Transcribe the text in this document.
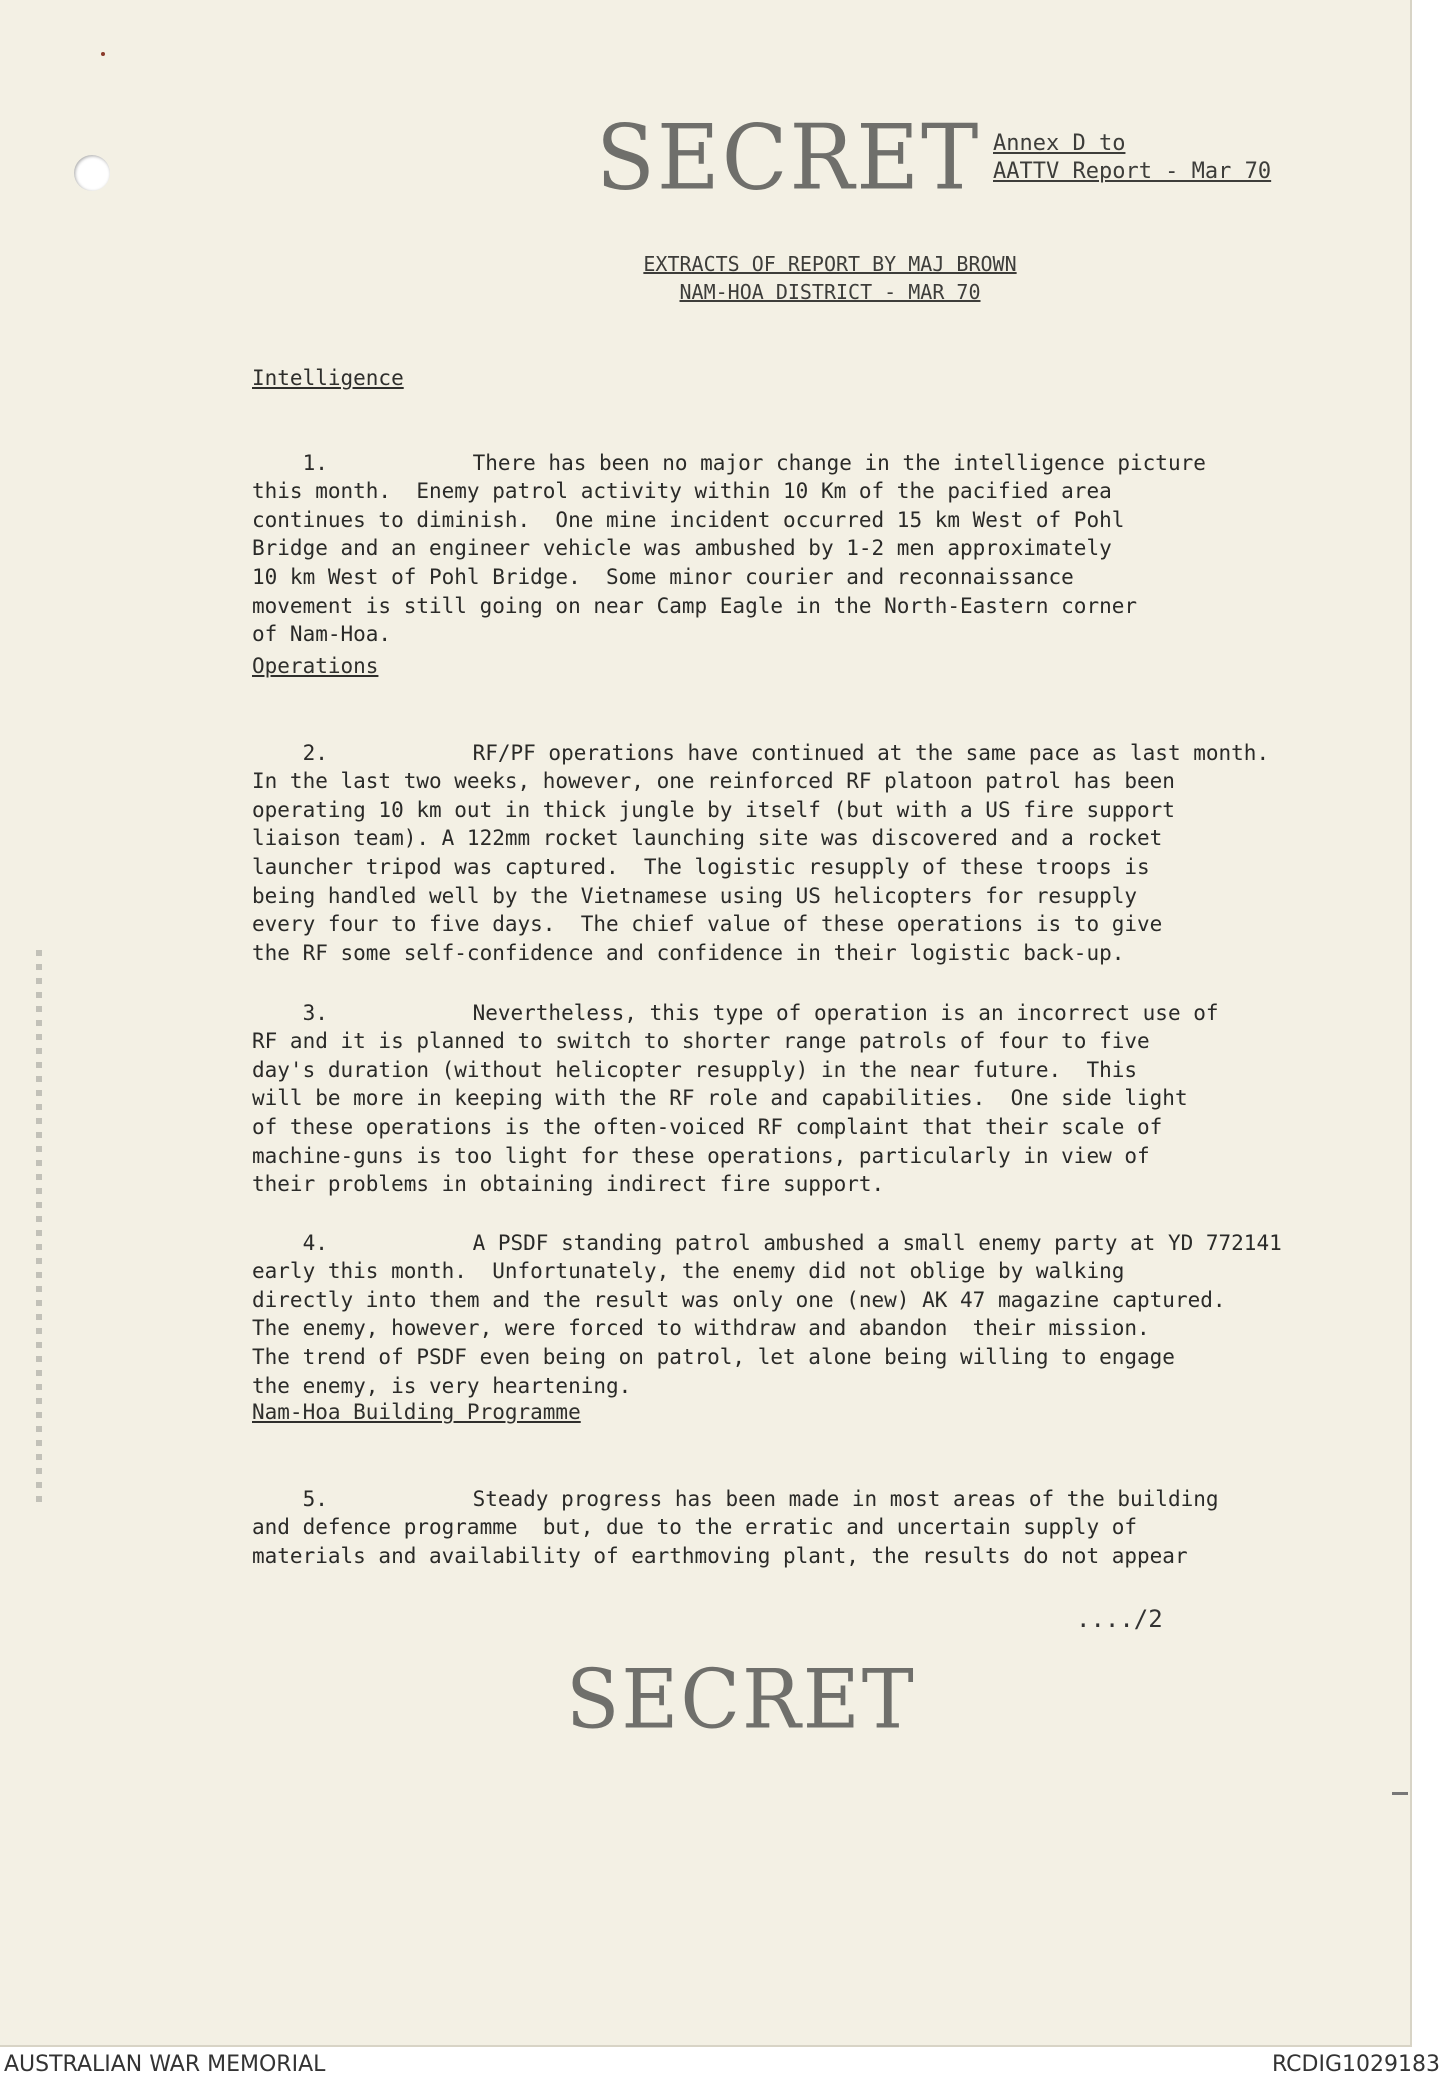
SECRET Annex D to
AATTV Report - Mar 70
EXTRACTS OF REPORT BY MAJ BROWN
NAM-HOA DISTRICT - MAR 70
Intelligence

1.	There has been no major change in the intelligence picture
this month.  Enemy patrol activity within 10 Km of the pacified area
continues to diminish.  One mine incident occurred 15 km West of Pohl
Bridge and an engineer vehicle was ambushed by 1-2 men approximately
10 km West of Pohl Bridge.  Some minor courier and reconnaissance
movement is still going on near Camp Eagle in the North-Eastern corner
of Nam-Hoa.
Operations

2.	RF/PF operations have continued at the same pace as last month.
In the last two weeks, however, one reinforced RF platoon patrol has been
operating 10 km out in thick jungle by itself (but with a US fire support
liaison team). A 122mm rocket launching site was discovered and a rocket
launcher tripod was captured.  The logistic resupply of these troops is
being handled well by the Vietnamese using US helicopters for resupply
every four to five days.  The chief value of these operations is to give
the RF some self-confidence and confidence in their logistic back-up.

3.	Nevertheless, this type of operation is an incorrect use of
RF and it is planned to switch to shorter range patrols of four to five
day's duration (without helicopter resupply) in the near future.  This
will be more in keeping with the RF role and capabilities.  One side light
of these operations is the often-voiced RF complaint that their scale of
machine-guns is too light for these operations, particularly in view of
their problems in obtaining indirect fire support.

4.	A PSDF standing patrol ambushed a small enemy party at YD 772141
early this month.  Unfortunately, the enemy did not oblige by walking
directly into them and the result was only one (new) AK 47 magazine captured.
The enemy, however, were forced to withdraw and abandon  their mission.
The trend of PSDF even being on patrol, let alone being willing to engage
the enemy, is very heartening.
Nam-Hoa Building Programme

5.	Steady progress has been made in most areas of the building
and defence programme  but, due to the erratic and uncertain supply of
materials and availability of earthmoving plant, the results do not appear
..../2
SECRET
AUSTRALIAN WAR MEMORIAL	RCDIG1029183
